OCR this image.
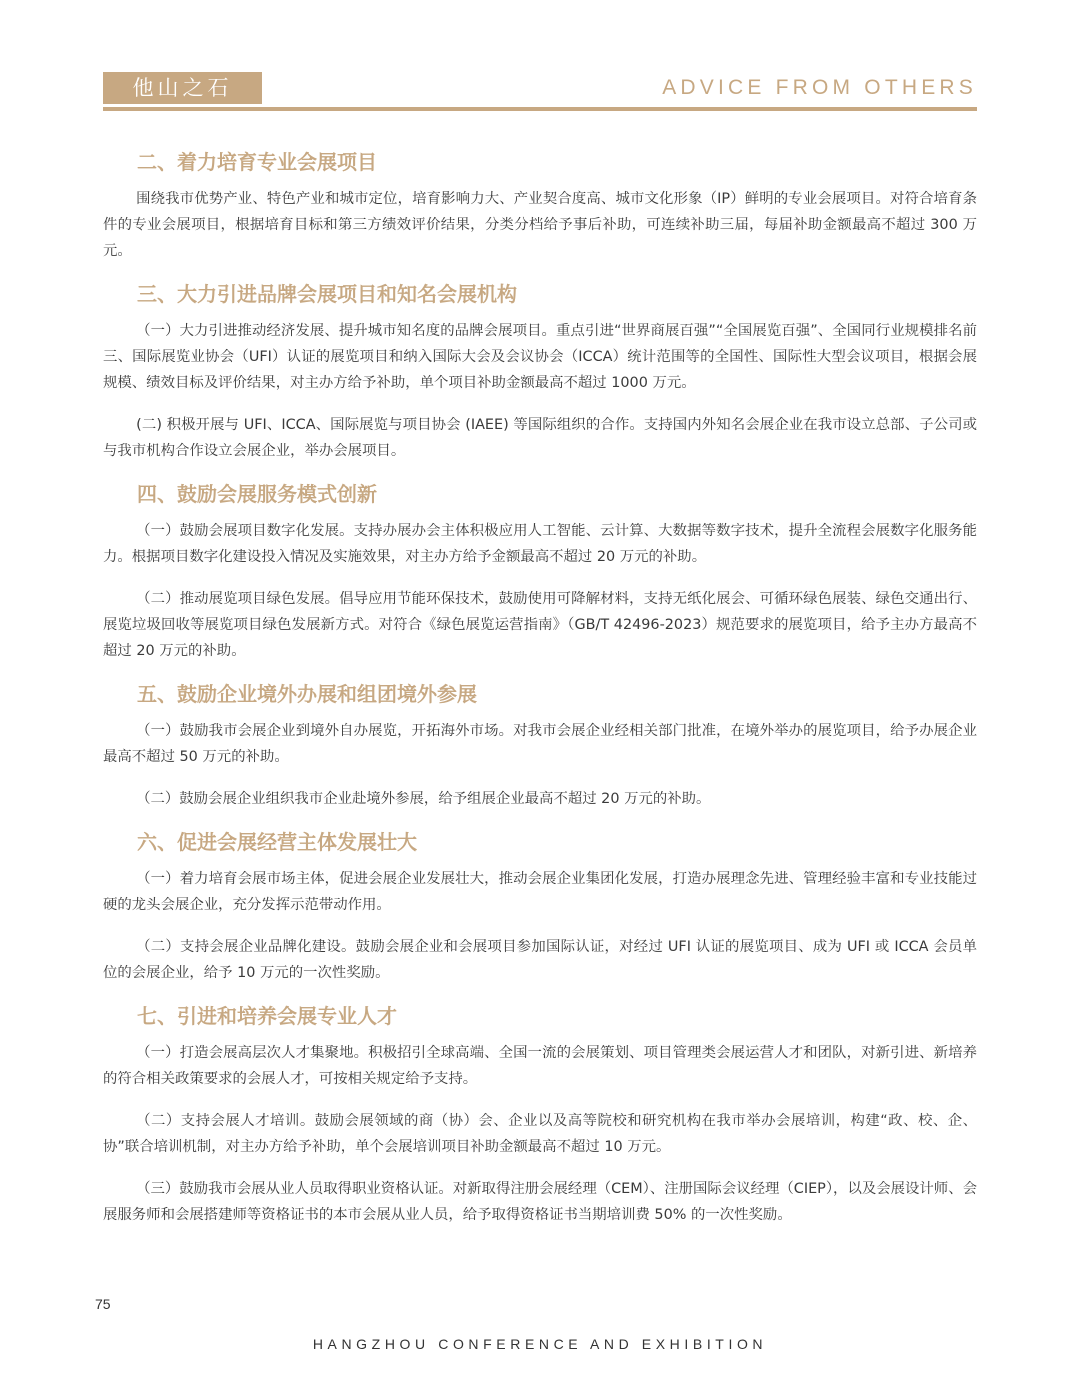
他山之石	ADVICE FROM OTHERS
二、着力培育专业会展项目

围绕我市优势产业、特色产业和城市定位，培育影响力大、产业契合度高、城市文化形象（IP）鲜明的专业会展项目。对符合培育条件的专业会展项目，根据培育目标和第三方绩效评价结果，分类分档给予事后补助，可连续补助三届，每届补助金额最高不超过 300 万元。

三、大力引进品牌会展项目和知名会展机构

（一）大力引进推动经济发展、提升城市知名度的品牌会展项目。重点引进“世界商展百强”“全国展览百强”、全国同行业规模排名前三、国际展览业协会（UFI）认证的展览项目和纳入国际大会及会议协会（ICCA）统计范围等的全国性、国际性大型会议项目，根据会展规模、绩效目标及评价结果，对主办方给予补助，单个项目补助金额最高不超过 1000 万元。

(二) 积极开展与 UFI、ICCA、国际展览与项目协会 (IAEE) 等国际组织的合作。支持国内外知名会展企业在我市设立总部、子公司或与我市机构合作设立会展企业，举办会展项目。

四、鼓励会展服务模式创新

（一）鼓励会展项目数字化发展。支持办展办会主体积极应用人工智能、云计算、大数据等数字技术，提升全流程会展数字化服务能力。根据项目数字化建设投入情况及实施效果，对主办方给予金额最高不超过 20 万元的补助。

（二）推动展览项目绿色发展。倡导应用节能环保技术，鼓励使用可降解材料，支持无纸化展会、可循环绿色展装、绿色交通出行、展览垃圾回收等展览项目绿色发展新方式。对符合《绿色展览运营指南》（GB/T 42496-2023）规范要求的展览项目，给予主办方最高不超过 20 万元的补助。

五、鼓励企业境外办展和组团境外参展

（一）鼓励我市会展企业到境外自办展览，开拓海外市场。对我市会展企业经相关部门批准，在境外举办的展览项目，给予办展企业最高不超过 50 万元的补助。

（二）鼓励会展企业组织我市企业赴境外参展，给予组展企业最高不超过 20 万元的补助。

六、促进会展经营主体发展壮大

（一）着力培育会展市场主体，促进会展企业发展壮大，推动会展企业集团化发展，打造办展理念先进、管理经验丰富和专业技能过硬的龙头会展企业，充分发挥示范带动作用。

（二）支持会展企业品牌化建设。鼓励会展企业和会展项目参加国际认证，对经过 UFI 认证的展览项目、成为 UFI 或 ICCA 会员单位的会展企业，给予 10 万元的一次性奖励。

七、引进和培养会展专业人才

（一）打造会展高层次人才集聚地。积极招引全球高端、全国一流的会展策划、项目管理类会展运营人才和团队，对新引进、新培养的符合相关政策要求的会展人才，可按相关规定给予支持。

（二）支持会展人才培训。鼓励会展领域的商（协）会、企业以及高等院校和研究机构在我市举办会展培训，构建“政、校、企、协”联合培训机制，对主办方给予补助，单个会展培训项目补助金额最高不超过 10 万元。

（三）鼓励我市会展从业人员取得职业资格认证。对新取得注册会展经理（CEM）、注册国际会议经理（CIEP），以及会展设计师、会展服务师和会展搭建师等资格证书的本市会展从业人员，给予取得资格证书当期培训费 50% 的一次性奖励。

75
HANGZHOU CONFERENCE AND EXHIBITION
